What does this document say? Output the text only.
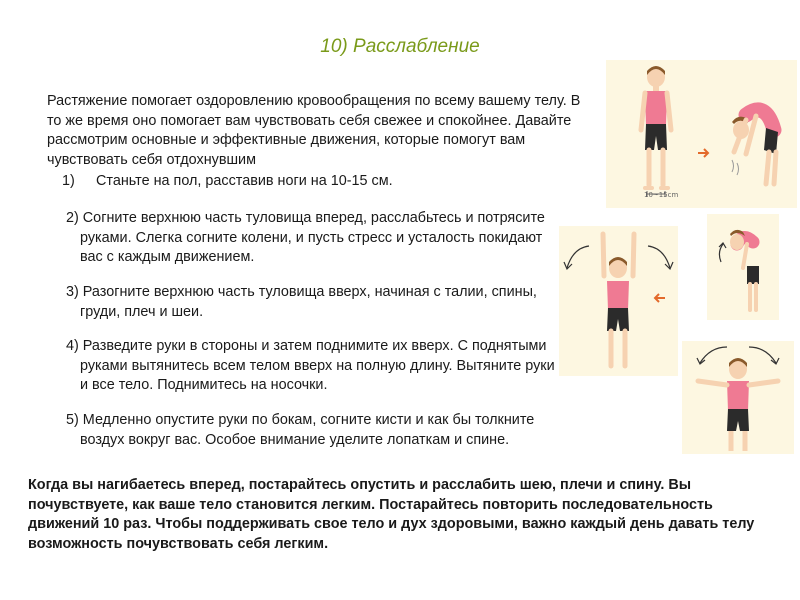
10) Расслабление
Растяжение помогает оздоровлению кровообращения по всему вашему телу. В то же время оно помогает вам чувствовать себя свежее и спокойнее. Давайте рассмотрим основные и эффективные движения, которые помогут вам чувствовать себя отдохнувшим
1) Станьте на пол, расставив ноги на 10-15 см.

2) Согните верхнюю часть туловища вперед, расслабьтесь и потрясите руками. Слегка согните колени, и пусть стресс и усталость покидают вас с каждым движением.

3) Разогните верхнюю часть туловища вверх, начиная с талии, спины, груди, плеч и шеи.

4) Разведите руки в стороны и затем поднимите их вверх. С поднятыми руками вытянитесь всем телом вверх на полную длину. Вытяните руки и все тело. Поднимитесь на носочки.

5) Медленно опустите руки по бокам, согните кисти и как бы толкните воздух вокруг вас. Особое внимание уделите лопаткам и спине.

Когда вы нагибаетесь вперед, постарайтесь опустить и расслабить шею, плечи и спину. Вы почувствуете, как ваше тело становится легким. Постарайтесь повторить последовательность движений 10 раз. Чтобы поддерживать свое тело и дух здоровыми, важно каждый день давать телу возможность почувствовать себя легким.
10~15cm
